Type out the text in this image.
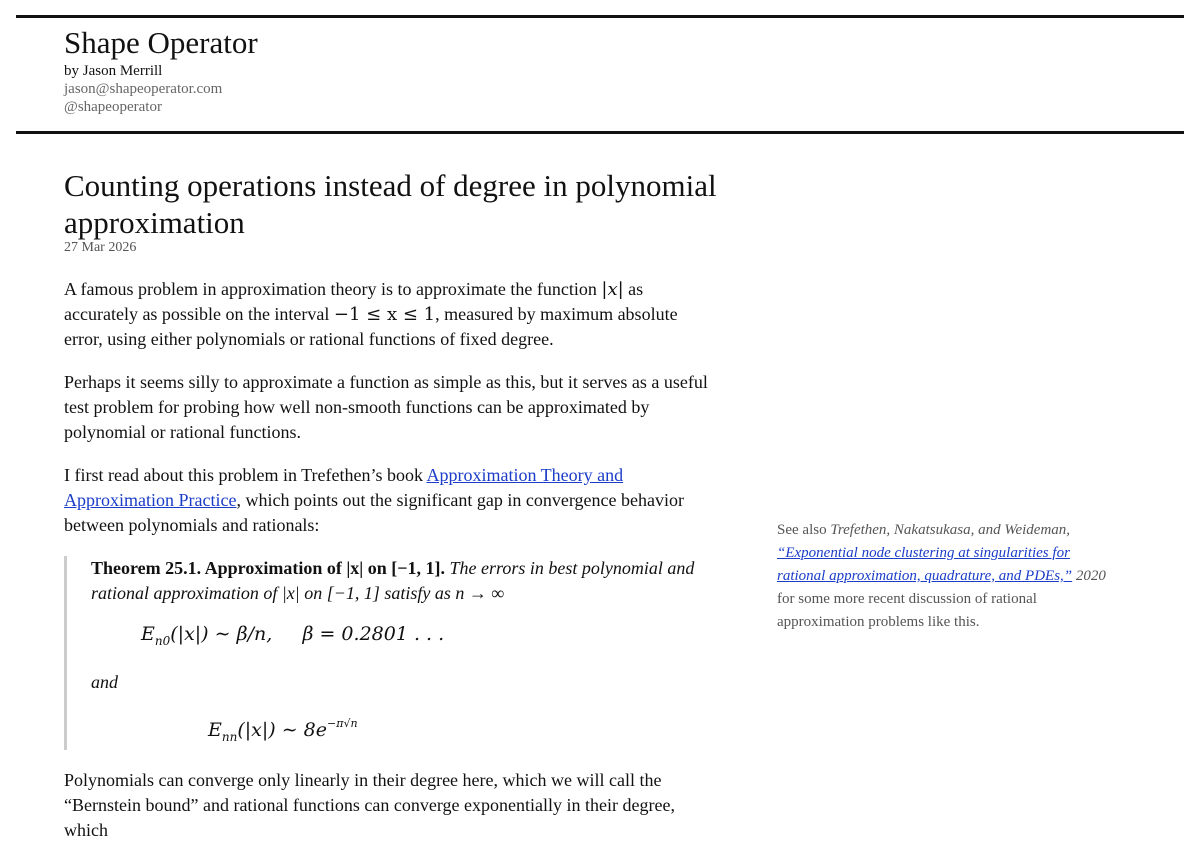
Shape Operator
by Jason Merrill
jason@shapeoperator.com
@shapeoperator
Counting operations instead of degree in polynomial approximation
27 Mar 2026

A famous problem in approximation theory is to approximate the function |x| as accurately as possible on the interval −1 ≤ x ≤ 1, measured by maximum absolute error, using either polynomials or rational functions of fixed degree.

Perhaps it seems silly to approximate a function as simple as this, but it serves as a useful test problem for probing how well non-smooth functions can be approximated by polynomial or rational functions.

I first read about this problem in Trefethen’s book Approximation Theory and Approximation Practice, which points out the significant gap in convergence behavior between polynomials and rationals:

Theorem 25.1. Approximation of |x| on [−1, 1]. The errors in best polynomial and rational approximation of |x| on [−1, 1] satisfy as n → ∞
$E_{n0}(|x|)$ ∼ β/n,     β = 0.2801 . . .
and
$E_{nn}(|x|)$ ∼ $8e^{-\pi√n}$

Polynomials can converge only linearly in their degree here, which we will call the “Bernstein bound” and rational functions can converge exponentially in their degree, which

See also Trefethen, Nakatsukasa, and Weideman, “Exponential node clustering at singularities for rational approximation, quadrature, and PDEs,” 2020 for some more recent discussion of rational approximation problems like this.
